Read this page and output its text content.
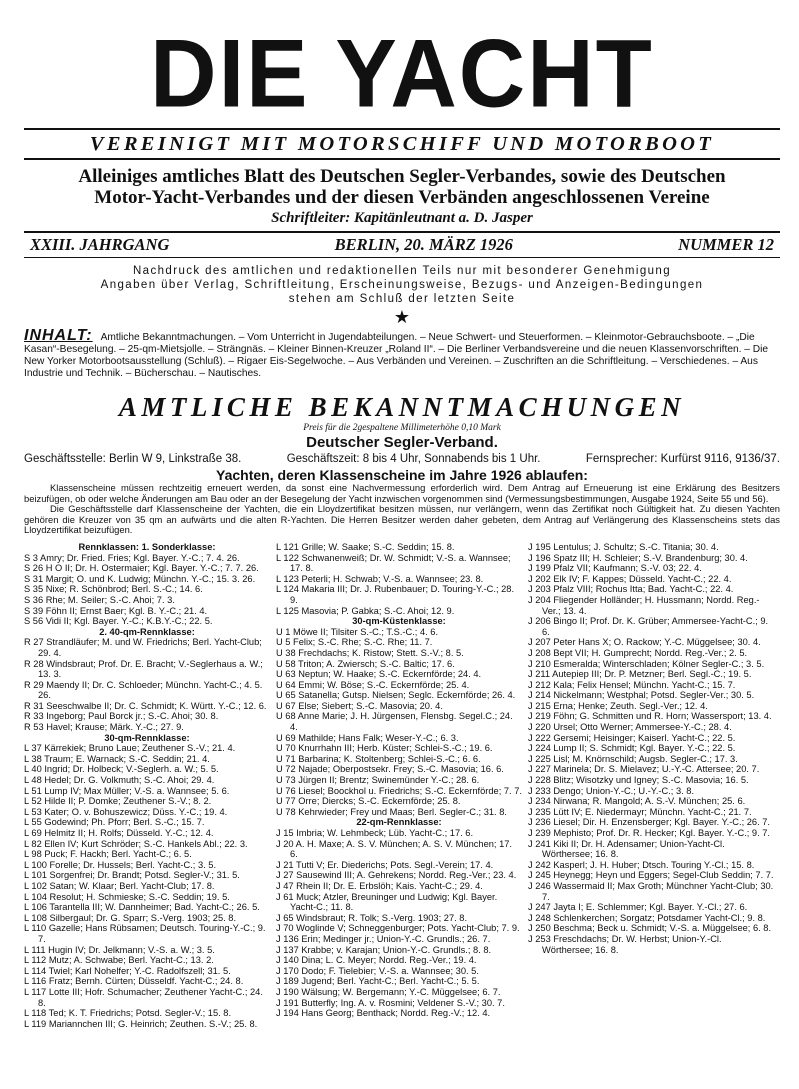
DIE YACHT
VEREINIGT MIT MOTORSCHIFF UND MOTORBOOT
Alleiniges amtliches Blatt des Deutschen Segler-Verbandes, sowie des Deutschen
Motor-Yacht-Verbandes und der diesen Verbänden angeschlossenen Vereine
Schriftleiter: Kapitänleutnant a. D. Jasper
XXIII. JAHRGANG	BERLIN, 20. MÄRZ 1926	NUMMER 12
Nachdruck des amtlichen und redaktionellen Teils nur mit besonderer Genehmigung
Angaben über Verlag, Schriftleitung, Erscheinungsweise, Bezugs- und Anzeigen-Bedingungen
stehen am Schluß der letzten Seite
★
INHALT: Amtliche Bekanntmachungen. – Vom Unterricht in Jugendabteilungen. – Neue Schwert- und Steuerformen. – Kleinmotor-Gebrauchsboote. – „Die Kasan“-Besegelung. – 25-qm-Mietsjolle. – Strängnäs. – Kleiner Binnen-Kreuzer „Roland II“. – Die Berliner Verbandsvereine und die neuen Klassenvorschriften. – Die New Yorker Motorbootsausstellung (Schluß). – Rigaer Eis-Segelwoche. – Aus Verbänden und Vereinen. – Zuschriften an die Schriftleitung. – Verschiedenes. – Aus Industrie und Technik. – Bücherschau. – Nautisches.
AMTLICHE BEKANNTMACHUNGEN
Preis für die 2gespaltene Millimeterhöhe 0,10 Mark
Deutscher Segler-Verband.
Geschäftsstelle: Berlin W 9, Linkstraße 38.	Geschäftszeit: 8 bis 4 Uhr, Sonnabends bis 1 Uhr.	Fernsprecher: Kurfürst 9116, 9136/37.
Yachten, deren Klassenscheine im Jahre 1926 ablaufen:
Klassenscheine müssen rechtzeitig erneuert werden, da sonst eine Nachvermessung erforderlich wird. Dem Antrag auf Erneuerung ist eine Erklärung des Besitzers beizufügen, ob oder welche Änderungen am Bau oder an der Besegelung der Yacht inzwischen vorgenommen sind (Vermessungsbestimmungen, Ausgabe 1924, Seite 55 und 56).
Die Geschäftsstelle darf Klassenscheine der Yachten, die ein Lloydzertifikat besitzen müssen, nur verlängern, wenn das Zertifikat noch Gültigkeit hat. Zu diesen Yachten gehören die Kreuzer von 35 qm an aufwärts und die alten R-Yachten. Die Herren Besitzer werden daher gebeten, dem Antrag auf Verlängerung des Klassenscheins stets das Lloydzertifikat beizufügen.
Rennklassen: 1. Sonderklasse:
S 3 Amry; Dr. Fried. Fries; Kgl. Bayer. Y.-C.; 7. 4. 26.
S 26 H O II; Dr. H. Ostermaier; Kgl. Bayer. Y.-C.; 7. 7. 26.
S 31 Margit; O. und K. Ludwig; Münchn. Y.-C.; 15. 3. 26.
S 35 Nixe; R. Schönbrod; Berl. S.-C.; 14. 6.
S 36 Rhe; M. Seiler; S.-C. Ahoi; 7. 3.
S 39 Föhn II; Ernst Baer; Kgl. B. Y.-C.; 21. 4.
S 56 Vidi II; Kgl. Bayer. Y.-C.; K.B.Y.-C.; 22. 5.
2. 40-qm-Rennklasse:
R 27 Strandläufer; M. und W. Friedrichs; Berl. Yacht-Club; 29. 4.
R 28 Windsbraut; Prof. Dr. E. Bracht; V.-Seglerhaus a. W.; 13. 3.
R 29 Maendy II; Dr. C. Schloeder; Münchn. Yacht-C.; 4. 5. 26.
R 31 Seeschwalbe II; Dr. C. Schmidt; K. Württ. Y.-C.; 12. 6.
R 33 Ingeborg; Paul Borck jr.; S.-C. Ahoi; 30. 8.
R 53 Havel; Krause; Märk. Y.-C.; 27. 9.
30-qm-Rennklasse:
L 37 Kärrekiek; Bruno Laue; Zeuthener S.-V.; 21. 4.
L 38 Traum; E. Warnack; S.-C. Seddin; 21. 4.
L 40 Ingrid; Dr. Holbeck; V.-Seglerh. a. W.; 5. 5.
L 48 Hedel; Dr. G. Volkmuth; S.-C. Ahoi; 29. 4.
L 51 Lump IV; Max Müller; V.-S. a. Wannsee; 5. 6.
L 52 Hilde II; P. Domke; Zeuthener S.-V.; 8. 2.
L 53 Kater; O. v. Bohuszewicz; Düss. Y.-C.; 19. 4.
L 55 Godewind; Ph. Pforr; Berl. S.-C.; 15. 7.
L 69 Helmitz II; H. Rolfs; Düsseld. Y.-C.; 12. 4.
L 82 Ellen IV; Kurt Schröder; S.-C. Hankels Abl.; 22. 3.
L 98 Puck; F. Hackh; Berl. Yacht-C.; 6. 5.
L 100 Forelle; Dr. Hussels; Berl. Yacht-C.; 3. 5.
L 101 Sorgenfrei; Dr. Brandt; Potsd. Segler-V.; 31. 5.
L 102 Satan; W. Klaar; Berl. Yacht-Club; 17. 8.
L 104 Resolut; H. Schmieske; S.-C. Seddin; 19. 5.
L 106 Tarantella III; W. Dannheimer; Bad. Yacht-C.; 26. 5.
L 108 Silbergaul; Dr. G. Sparr; S.-Verg. 1903; 25. 8.
L 110 Gazelle; Hans Rübsamen; Deutsch. Touring-Y.-C.; 9. 7.
L 111 Hugin IV; Dr. Jelkmann; V.-S. a. W.; 3. 5.
L 112 Mutz; A. Schwabe; Berl. Yacht-C.; 13. 2.
L 114 Twiel; Karl Nohelfer; Y.-C. Radolfszell; 31. 5.
L 116 Fratz; Bernh. Cürten; Düsseldf. Yacht-C.; 24. 8.
L 117 Lotte III; Hofr. Schumacher; Zeuthener Yacht-C.; 24. 8.
L 118 Ted; K. T. Friedrichs; Potsd. Segler-V.; 15. 8.
L 119 Mariannchen III; G. Heinrich; Zeuthen. S.-V.; 25. 8.
L 121 Grille; W. Saake; S.-C. Seddin; 15. 8.
L 122 Schwanenweiß; Dr. W. Schmidt; V.-S. a. Wannsee; 17. 8.
L 123 Peterli; H. Schwab; V.-S. a. Wannsee; 23. 8.
L 124 Makaria III; Dr. J. Rubenbauer; D. Touring-Y.-C.; 28. 9.
L 125 Masovia; P. Gabka; S.-C. Ahoi; 12. 9.
30-qm-Küstenklasse:
U 1 Möwe II; Tilsiter S.-C.; T.S.-C.; 4. 6.
U 5 Felix; S.-C. Rhe; S.-C. Rhe; 11. 7.
U 38 Frechdachs; K. Ristow; Stett. S.-V.; 8. 5.
U 58 Triton; A. Zwiersch; S.-C. Baltic; 17. 6.
U 63 Neptun; W. Haake; S.-C. Eckernförde; 24. 4.
U 64 Emmi; W. Böse; S.-C. Eckernförde; 25. 4.
U 65 Satanella; Gutsp. Nielsen; Seglc. Eckernförde; 26. 4.
U 67 Else; Siebert; S.-C. Masovia; 20. 4.
U 68 Anne Marie; J. H. Jürgensen, Flensbg. Segel.C.; 24. 4.
U 69 Mathilde; Hans Falk; Weser-Y.-C.; 6. 3.
U 70 Knurrhahn III; Herb. Küster; Schlei-S.-C.; 19. 6.
U 71 Barbarina; K. Stoltenberg; Schlei-S.-C.; 6. 6.
U 72 Najade; Oberpostsekr. Frey; S.-C. Masovia; 16. 6.
U 73 Jürgen II; Brentz; Swinemünder Y.-C.; 28. 6.
U 76 Liesel; Boockhol u. Friedrichs; S.-C. Eckernförde; 7. 7.
U 77 Orre; Diercks; S.-C. Eckernförde; 25. 8.
U 78 Kehrwieder; Frey und Maas; Berl. Segler-C.; 31. 8.
22-qm-Rennklasse:
J 15 Imbria; W. Lehmbeck; Lüb. Yacht-C.; 17. 6.
J 20 A. H. Maxe; A. S. V. München; A. S. V. München; 17. 6.
J 21 Tutti V; Er. Diederichs; Pots. Segl.-Verein; 17. 4.
J 27 Sausewind III; A. Gehrekens; Nordd. Reg.-Ver.; 23. 4.
J 47 Rhein II; Dr. E. Erbslöh; Kais. Yacht-C.; 29. 4.
J 61 Muck; Atzler, Breuninger und Ludwig; Kgl. Bayer. Yacht-C.; 11. 8.
J 65 Windsbraut; R. Tolk; S.-Verg. 1903; 27. 8.
J 70 Woglinde V; Schneggenburger; Pots. Yacht-Club; 7. 9.
J 136 Erin; Medinger jr.; Union-Y.-C. Grundls.; 26. 7.
J 137 Krabbe; v. Karajan; Union-Y.-C. Grundls.; 8. 8.
J 140 Dina; L. C. Meyer; Nordd. Reg.-Ver.; 19. 4.
J 170 Dodo; F. Tielebier; V.-S. a. Wannsee; 30. 5.
J 189 Jugend; Berl. Yacht-C.; Berl. Yacht-C.; 5. 5.
J 190 Wälsung; W. Bergemann; Y.-C. Müggelsee; 6. 7.
J 191 Butterfly; Ing. A. v. Rosmini; Veldener S.-V.; 30. 7.
J 194 Hans Georg; Benthack; Nordd. Reg.-V.; 12. 4.
J 195 Lentulus; J. Schultz; S.-C. Titania; 30. 4.
J 196 Spatz III; H. Schleier; S.-V. Brandenburg; 30. 4.
J 199 Pfalz VII; Kaufmann; S.-V. 03; 22. 4.
J 202 Elk IV; F. Kappes; Düsseld. Yacht-C.; 22. 4.
J 203 Pfalz VIII; Rochus Itta; Bad. Yacht-C.; 22. 4.
J 204 Fliegender Holländer; H. Hussmann; Nordd. Reg.-Ver.; 13. 4.
J 206 Bingo II; Prof. Dr. K. Grüber; Ammersee-Yacht-C.; 9. 6.
J 207 Peter Hans X; O. Rackow; Y.-C. Müggelsee; 30. 4.
J 208 Bept VII; H. Gumprecht; Nordd. Reg.-Ver.; 2. 5.
J 210 Esmeralda; Winterschladen; Kölner Segler-C.; 3. 5.
J 211 Autepiep III; Dr. P. Metzner; Berl. Segl.-C.; 19. 5.
J 212 Kala; Felix Hensel; Münchn. Yacht-C.; 15. 7.
J 214 Nickelmann; Westphal; Potsd. Segler-Ver.; 30. 5.
J 215 Erna; Henke; Zeuth. Segl.-Ver.; 12. 4.
J 219 Föhn; G. Schmitten und R. Horn; Wassersport; 13. 4.
J 220 Ursel; Otto Werner; Ammersee-Y.-C.; 28. 4.
J 222 Gersemi; Heisinger; Kaiserl. Yacht-C.; 22. 5.
J 224 Lump II; S. Schmidt; Kgl. Bayer. Y.-C.; 22. 5.
J 225 Lisl; M. Knörnschild; Augsb. Segler-C.; 17. 3.
J 227 Marinela; Dr. S. Mielavez; U.-Y.-C. Attersee; 20. 7.
J 228 Blitz; Wisotzky und Igney; S.-C. Masovia; 16. 5.
J 233 Dengo; Union-Y.-C.; U.-Y.-C.; 3. 8.
J 234 Nirwana; R. Mangold; A. S.-V. München; 25. 6.
J 235 Lütt IV; E. Niedermayr; Münchn. Yacht-C.; 21. 7.
J 236 Liesel; Dir. H. Enzensberger; Kgl. Bayer. Y.-C.; 26. 7.
J 239 Mephisto; Prof. Dr. R. Hecker; Kgl. Bayer. Y.-C.; 9. 7.
J 241 Kiki II; Dr. H. Adensamer; Union-Yacht-Cl. Wörthersee; 16. 8.
J 242 Kasperl; J. H. Huber; Dtsch. Touring Y.-Cl.; 15. 8.
J 245 Heynegg; Heyn und Eggers; Segel-Club Seddin; 7. 7.
J 246 Wassermaid II; Max Groth; Münchner Yacht-Club; 30. 7.
J 247 Jayta I; E. Schlemmer; Kgl. Bayer. Y.-Cl.; 27. 6.
J 248 Schlenkerchen; Sorgatz; Potsdamer Yacht-Cl.; 9. 8.
J 250 Beschma; Beck u. Schmidt; V.-S. a. Müggelsee; 6. 8.
J 253 Freschdachs; Dr. W. Herbst; Union-Y.-Cl. Wörthersee; 16. 8.
